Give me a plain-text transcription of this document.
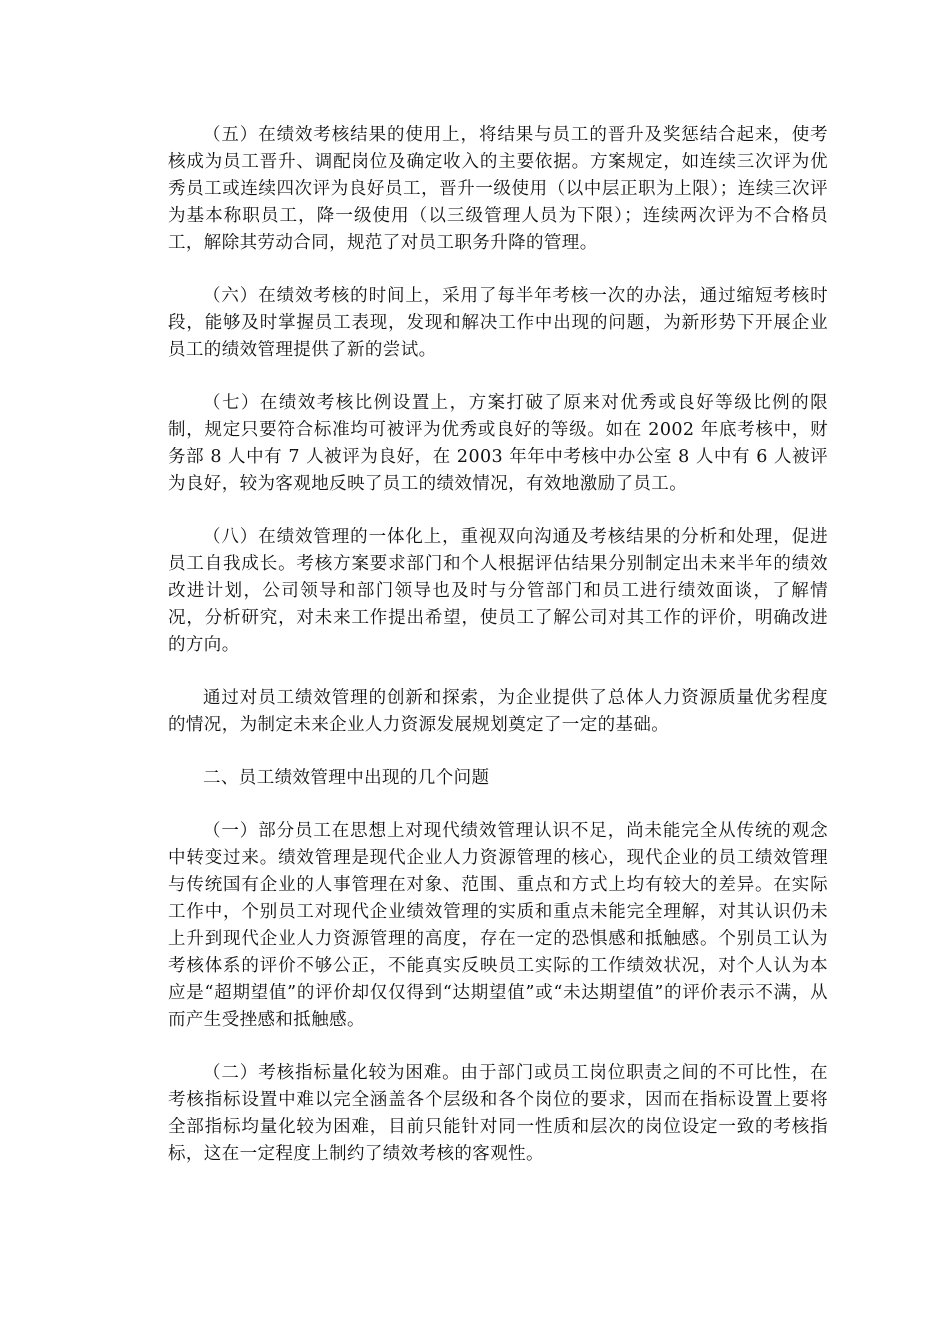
（五）在绩效考核结果的使用上，将结果与员工的晋升及奖惩结合起来，使考核成为员工晋升、调配岗位及确定收入的主要依据。方案规定，如连续三次评为优秀员工或连续四次评为良好员工，晋升一级使用（以中层正职为上限）；连续三次评为基本称职员工，降一级使用（以三级管理人员为下限）；连续两次评为不合格员工，解除其劳动合同，规范了对员工职务升降的管理。

（六）在绩效考核的时间上，采用了每半年考核一次的办法，通过缩短考核时段，能够及时掌握员工表现，发现和解决工作中出现的问题，为新形势下开展企业员工的绩效管理提供了新的尝试。

（七）在绩效考核比例设置上，方案打破了原来对优秀或良好等级比例的限制，规定只要符合标准均可被评为优秀或良好的等级。如在 2002 年底考核中，财务部 8 人中有 7 人被评为良好，在 2003 年年中考核中办公室 8 人中有 6 人被评为良好，较为客观地反映了员工的绩效情况，有效地激励了员工。

（八）在绩效管理的一体化上，重视双向沟通及考核结果的分析和处理，促进员工自我成长。考核方案要求部门和个人根据评估结果分别制定出未来半年的绩效改进计划，公司领导和部门领导也及时与分管部门和员工进行绩效面谈，了解情况，分析研究，对未来工作提出希望，使员工了解公司对其工作的评价，明确改进的方向。

通过对员工绩效管理的创新和探索，为企业提供了总体人力资源质量优劣程度的情况，为制定未来企业人力资源发展规划奠定了一定的基础。

二、员工绩效管理中出现的几个问题

（一）部分员工在思想上对现代绩效管理认识不足，尚未能完全从传统的观念中转变过来。绩效管理是现代企业人力资源管理的核心，现代企业的员工绩效管理与传统国有企业的人事管理在对象、范围、重点和方式上均有较大的差异。在实际工作中，个别员工对现代企业绩效管理的实质和重点未能完全理解，对其认识仍未上升到现代企业人力资源管理的高度，存在一定的恐惧感和抵触感。个别员工认为考核体系的评价不够公正，不能真实反映员工实际的工作绩效状况，对个人认为本应是“超期望值”的评价却仅仅得到“达期望值”或“未达期望值”的评价表示不满，从而产生受挫感和抵触感。

（二）考核指标量化较为困难。由于部门或员工岗位职责之间的不可比性，在考核指标设置中难以完全涵盖各个层级和各个岗位的要求，因而在指标设置上要将全部指标均量化较为困难，目前只能针对同一性质和层次的岗位设定一致的考核指标，这在一定程度上制约了绩效考核的客观性。
